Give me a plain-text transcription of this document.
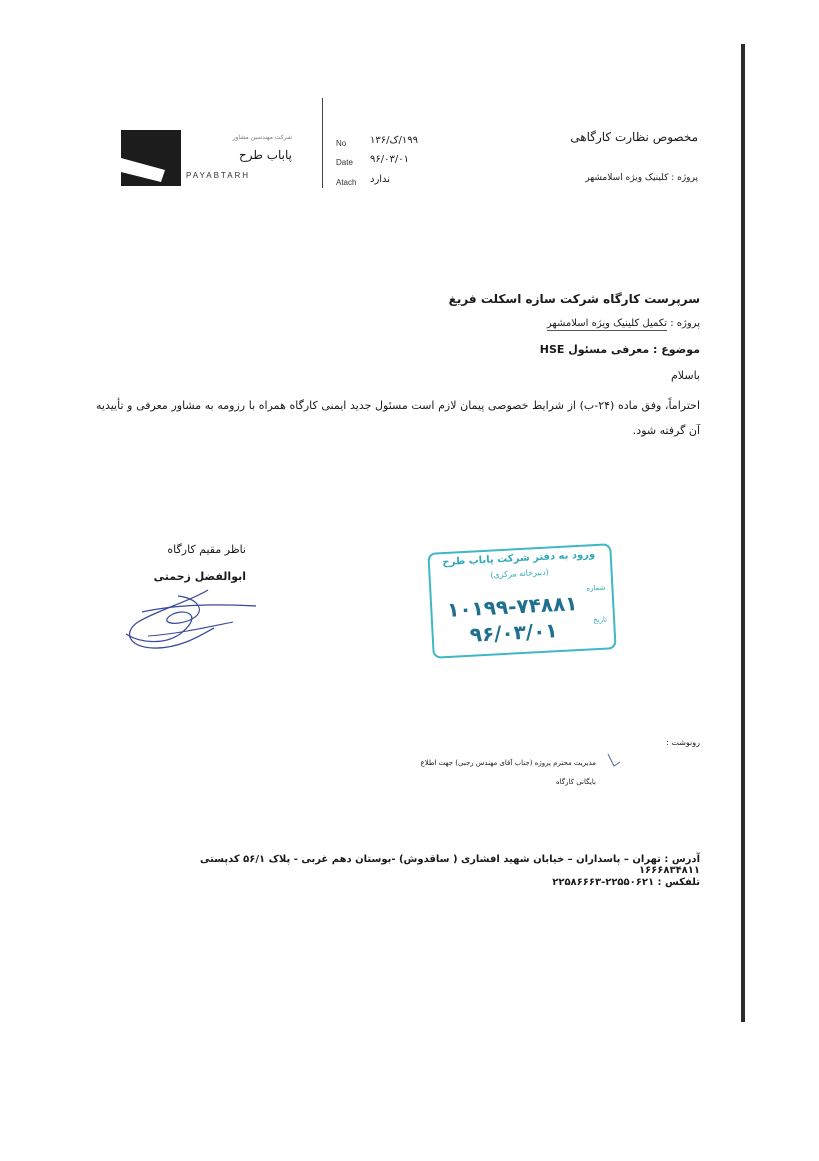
شرکت مهندسین مشاور
پاباب طرح
PAYABTARH
No ۱۹۹/ک/۱۳۶
Date ۹۶/۰۳/۰۱
Atach ندارد
مخصوص نظارت کارگاهی
پروژه : کلینیک ویژه اسلامشهر
سرپرست کارگاه شرکت سازه اسکلت فریغ
پروژه : تکمیل کلینیک ویژه اسلامشهر
موضوع : معرفی مسئول HSE
باسلام
احتراماً، وفق ماده (۲۴-ب) از شرایط خصوصی پیمان لازم است مسئول جدید ایمنی کارگاه همراه با رزومه به مشاور معرفی و تأییدیه آن گرفته شود.
ناظر مقیم کارگاه
ابوالفضل زحمتی
ورود به دفتر شرکت پاباب طرح
(دبیرخانه مرکزی)
شماره
۱۰۱۹۹-۷۴۸۸۱	تاریخ
۹۶/۰۳/۰۱
رونوشت :
مدیریت محترم پروژه (جناب آقای مهندس رجبی) جهت اطلاع
بایگانی کارگاه
آدرس : تهران – پاسداران – خیابان شهید افشاری ( ساقدوش) -بوستان دهم غربی - پلاک ۵۶/۱ کدپستی ۱۶۶۶۸۳۴۸۱۱
تلفکس : ۲۲۵۵۰۶۲۱-۲۲۵۸۶۶۶۳
